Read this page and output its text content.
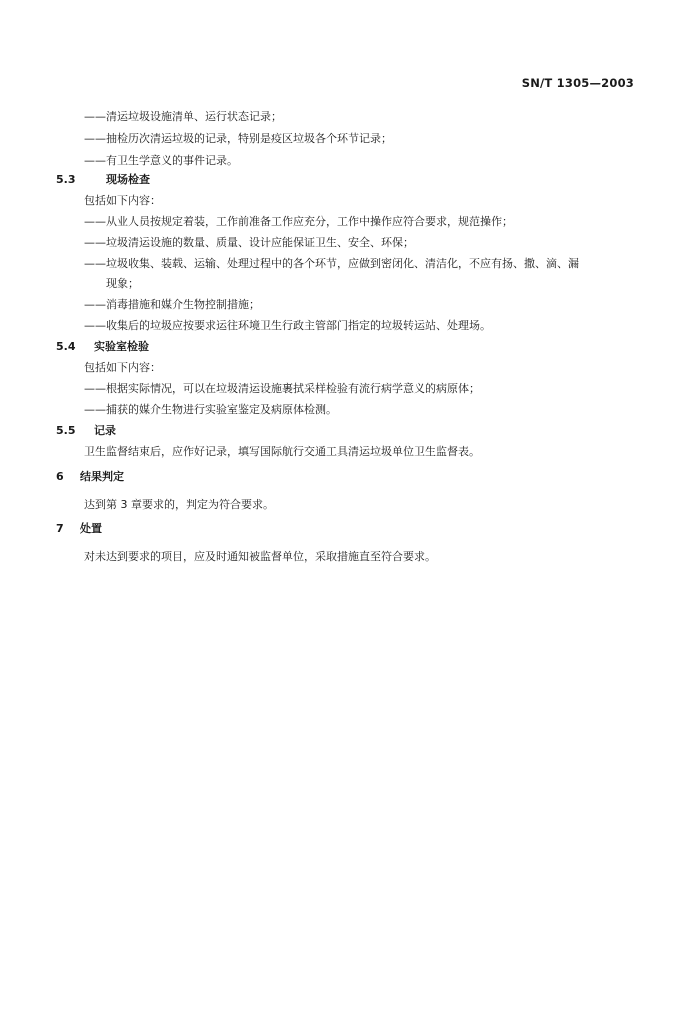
SN/T 1305—2003
——清运垃圾设施清单、运行状态记录；
——抽检历次清运垃圾的记录，特别是疫区垃圾各个环节记录；
——有卫生学意义的事件记录。
5.3	现场检查
包括如下内容：
——从业人员按规定着装，工作前准备工作应充分，工作中操作应符合要求，规范操作；
——垃圾清运设施的数量、质量、设计应能保证卫生、安全、环保；
——垃圾收集、装载、运输、处理过程中的各个环节，应做到密闭化、清洁化，不应有扬、撒、滴、漏
现象；
——消毒措施和媒介生物控制措施；
——收集后的垃圾应按要求运往环境卫生行政主管部门指定的垃圾转运站、处理场。
5.4 实验室检验
包括如下内容：
——根据实际情况，可以在垃圾清运设施裹拭采样检验有流行病学意义的病原体；
——捕获的媒介生物进行实验室鉴定及病原体检测。
5.5 记录
卫生监督结束后，应作好记录，填写国际航行交通工具清运垃圾单位卫生监督表。
6 结果判定
达到第 3 章要求的，判定为符合要求。
7 处置
对未达到要求的项目，应及时通知被监督单位，采取措施直至符合要求。
